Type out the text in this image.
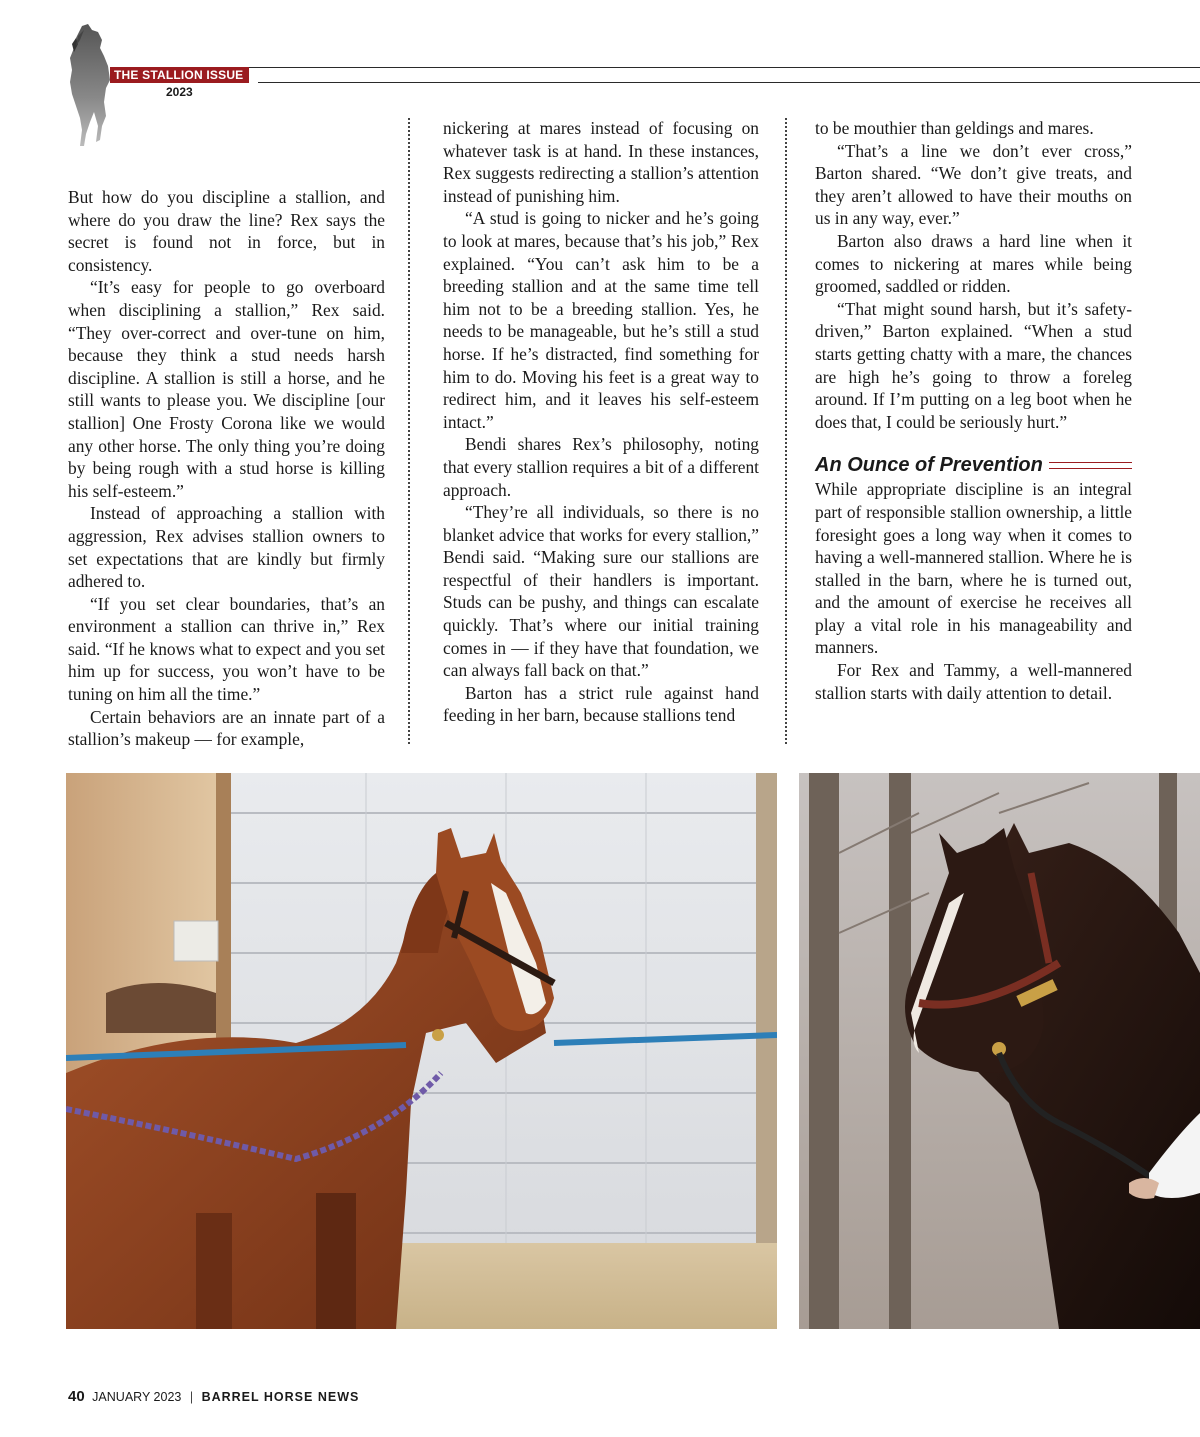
THE STALLION ISSUE
2023

But how do you discipline a stallion, and where do you draw the line? Rex says the secret is found not in force, but in consistency.

“It’s easy for people to go overboard when disciplining a stallion,” Rex said. “They over-correct and over-tune on him, because they think a stud needs harsh discipline. A stallion is still a horse, and he still wants to please you. We discipline [our stallion] One Frosty Corona like we would any other horse. The only thing you’re doing by being rough with a stud horse is killing his self-esteem.”

Instead of approaching a stallion with aggression, Rex advises stallion owners to set expectations that are kindly but firmly adhered to.

“If you set clear boundaries, that’s an environment a stallion can thrive in,” Rex said. “If he knows what to expect and you set him up for success, you won’t have to be tuning on him all the time.”

Certain behaviors are an innate part of a stallion’s makeup — for example,

nickering at mares instead of focusing on whatever task is at hand. In these instances, Rex suggests redirecting a stallion’s attention instead of punishing him.

“A stud is going to nicker and he’s going to look at mares, because that’s his job,” Rex explained. “You can’t ask him to be a breeding stallion and at the same time tell him not to be a breeding stallion. Yes, he needs to be manageable, but he’s still a stud horse. If he’s distracted, find something for him to do. Moving his feet is a great way to redirect him, and it leaves his self-esteem intact.”

Bendi shares Rex’s philosophy, noting that every stallion requires a bit of a different approach.

“They’re all individuals, so there is no blanket advice that works for every stallion,” Bendi said. “Making sure our stallions are respectful of their handlers is important. Studs can be pushy, and things can escalate quickly. That’s where our initial training comes in — if they have that foundation, we can always fall back on that.”

Barton has a strict rule against hand feeding in her barn, because stallions tend

to be mouthier than geldings and mares.

“That’s a line we don’t ever cross,” Barton shared. “We don’t give treats, and they aren’t allowed to have their mouths on us in any way, ever.”

Barton also draws a hard line when it comes to nickering at mares while being groomed, saddled or ridden.

“That might sound harsh, but it’s safety-driven,” Barton explained. “When a stud starts getting chatty with a mare, the chances are high he’s going to throw a foreleg around. If I’m putting on a leg boot when he does that, I could be seriously hurt.”

An Ounce of Prevention

While appropriate discipline is an integral part of responsible stallion ownership, a little foresight goes a long way when it comes to having a well-mannered stallion. Where he is stalled in the barn, where he is turned out, and the amount of exercise he receives all play a vital role in his manageability and manners.

For Rex and Tammy, a well-mannered stallion starts with daily attention to detail.

40 JANUARY 2023 | BARREL HORSE NEWS
